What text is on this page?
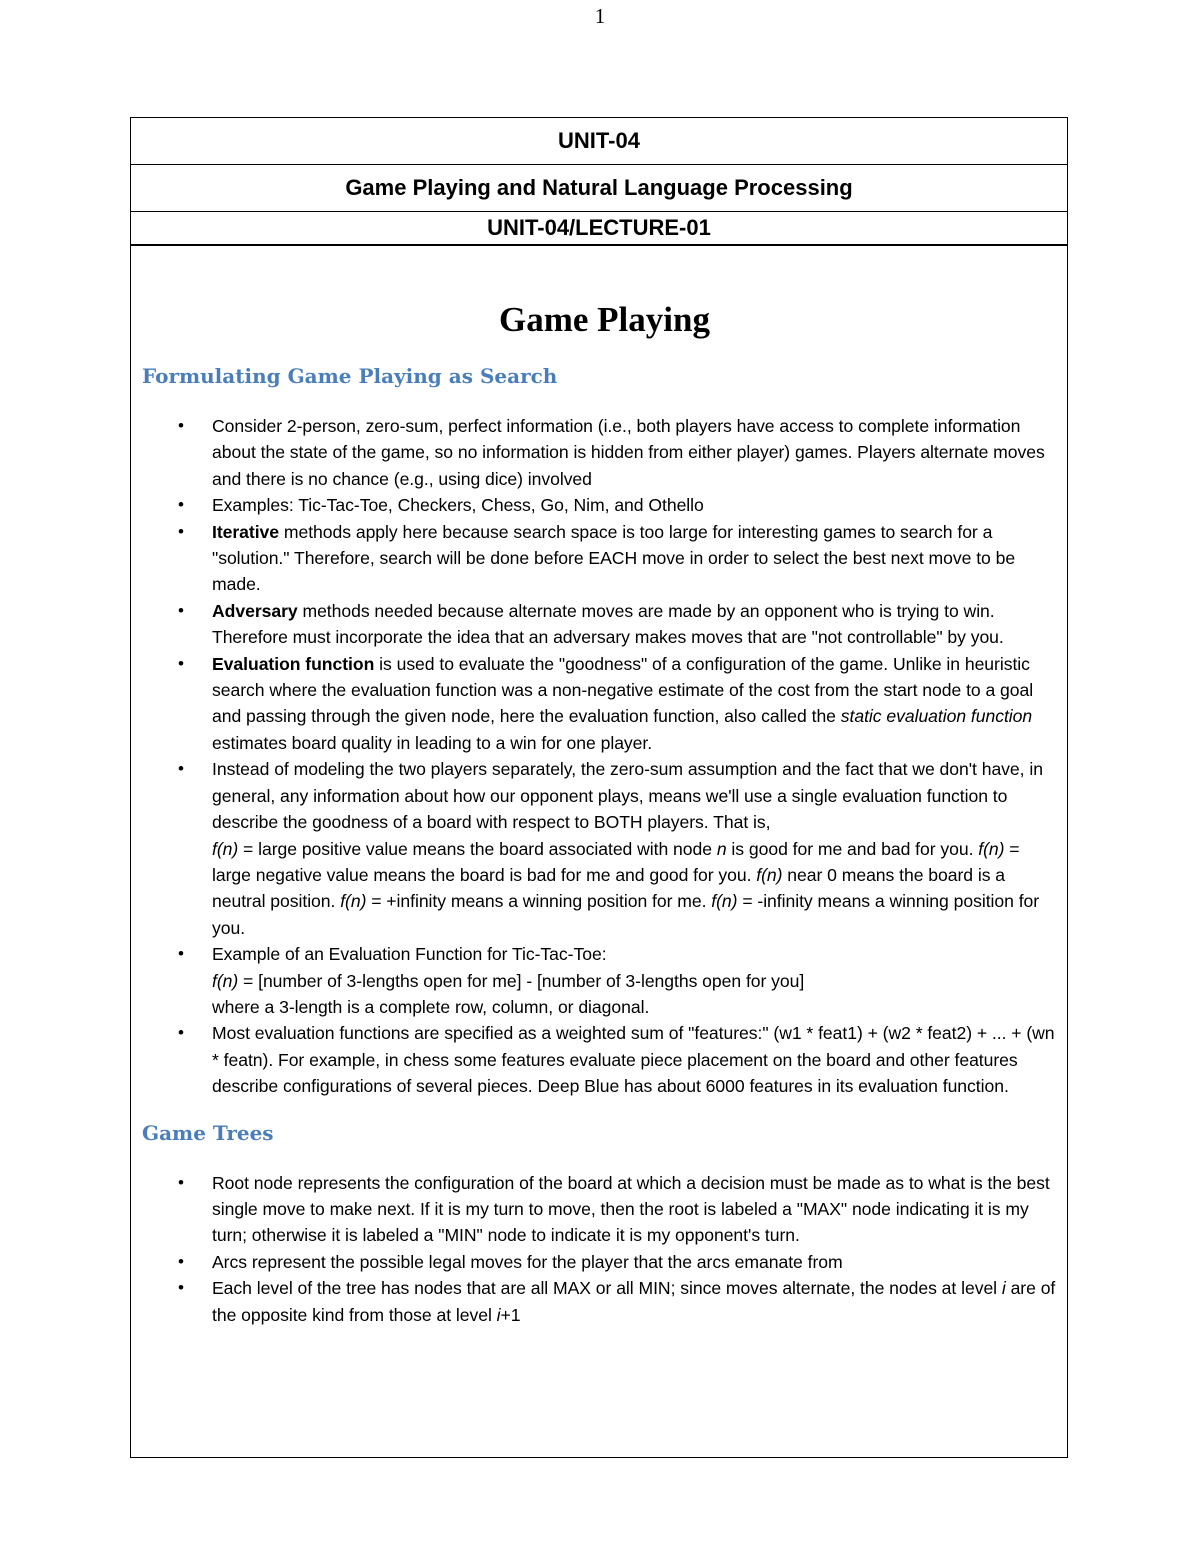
1
UNIT-04
Game Playing and Natural Language Processing
UNIT-04/LECTURE-01
Game Playing
Formulating Game Playing as Search
• Consider 2-person, zero-sum, perfect information (i.e., both players have access to complete information about the state of the game, so no information is hidden from either player) games. Players alternate moves and there is no chance (e.g., using dice) involved
• Examples: Tic-Tac-Toe, Checkers, Chess, Go, Nim, and Othello
• Iterative methods apply here because search space is too large for interesting games to search for a "solution." Therefore, search will be done before EACH move in order to select the best next move to be made.
• Adversary methods needed because alternate moves are made by an opponent who is trying to win. Therefore must incorporate the idea that an adversary makes moves that are "not controllable" by you.
• Evaluation function is used to evaluate the "goodness" of a configuration of the game. Unlike in heuristic search where the evaluation function was a non-negative estimate of the cost from the start node to a goal and passing through the given node, here the evaluation function, also called the static evaluation function estimates board quality in leading to a win for one player.
• Instead of modeling the two players separately, the zero-sum assumption and the fact that we don't have, in general, any information about how our opponent plays, means we'll use a single evaluation function to describe the goodness of a board with respect to BOTH players. That is,
f(n) = large positive value means the board associated with node n is good for me and bad for you. f(n) = large negative value means the board is bad for me and good for you. f(n) near 0 means the board is a neutral position. f(n) = +infinity means a winning position for me. f(n) = -infinity means a winning position for you.
• Example of an Evaluation Function for Tic-Tac-Toe:
f(n) = [number of 3-lengths open for me] - [number of 3-lengths open for you]
where a 3-length is a complete row, column, or diagonal.
• Most evaluation functions are specified as a weighted sum of "features:" (w1 * feat1) + (w2 * feat2) + ... + (wn * featn). For example, in chess some features evaluate piece placement on the board and other features describe configurations of several pieces. Deep Blue has about 6000 features in its evaluation function.
Game Trees
• Root node represents the configuration of the board at which a decision must be made as to what is the best single move to make next. If it is my turn to move, then the root is labeled a "MAX" node indicating it is my turn; otherwise it is labeled a "MIN" node to indicate it is my opponent's turn.
• Arcs represent the possible legal moves for the player that the arcs emanate from
• Each level of the tree has nodes that are all MAX or all MIN; since moves alternate, the nodes at level i are of the opposite kind from those at level i+1
